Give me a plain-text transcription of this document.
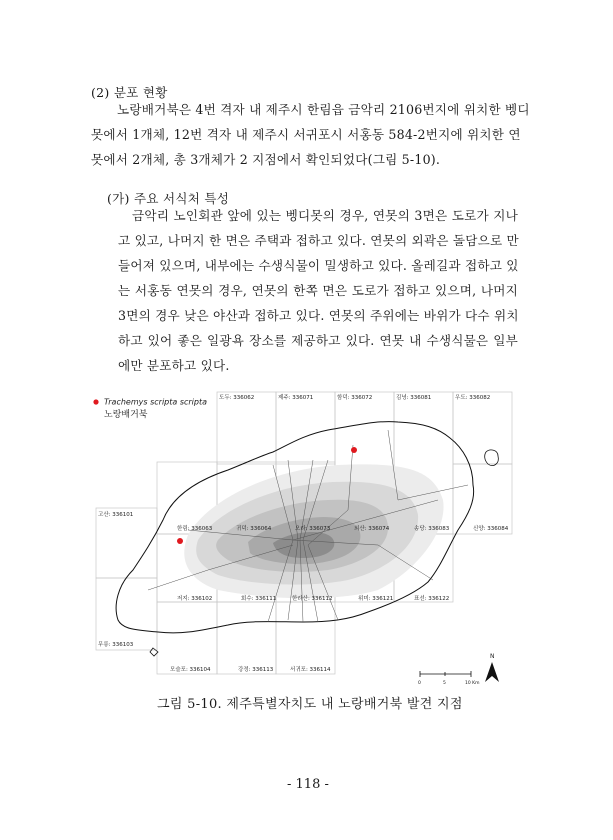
(2) 분포 현황
노랑배거북은 4번 격자 내 제주시 한림읍 금악리 2106번지에 위치한 벵디
못에서 1개체, 12번 격자 내 제주시 서귀포시 서홍동 584-2번지에 위치한 연
못에서 2개체, 총 3개체가 2 지점에서 확인되었다(그림 5-10).
(가) 주요 서식처 특성
금악리 노인회관 앞에 있는 벵디못의 경우, 연못의 3면은 도로가 지나
고 있고, 나머지 한 면은 주택과 접하고 있다. 연못의 외곽은 돌담으로 만
들어져 있으며, 내부에는 수생식물이 밀생하고 있다. 올레길과 접하고 있
는 서홍동 연못의 경우, 연못의 한쪽 면은 도로가 접하고 있으며, 나머지
3면의 경우 낮은 야산과 접하고 있다. 연못의 주위에는 바위가 다수 위치
하고 있어 좋은 일광욕 장소를 제공하고 있다. 연못 내 수생식물은 일부
에만 분포하고 있다.
Trachemys scripta scripta
노랑배거북
도두: 336062	제주: 336071	함덕: 336072	김녕: 336081	우도: 336082
고산: 336101
한림: 336063	귀덕: 336064	오라: 336073	외산: 336074	송당: 336083	신양: 336084
저지: 336102	회수: 336111	한라산: 336112	위미: 336121	표선: 336122
무릉: 336103
모슬포: 336104	강정: 336113	서귀포: 336114
0	5	10 Km
N
그림 5-10. 제주특별자치도 내 노랑배거북 발견 지점
- 118 -
